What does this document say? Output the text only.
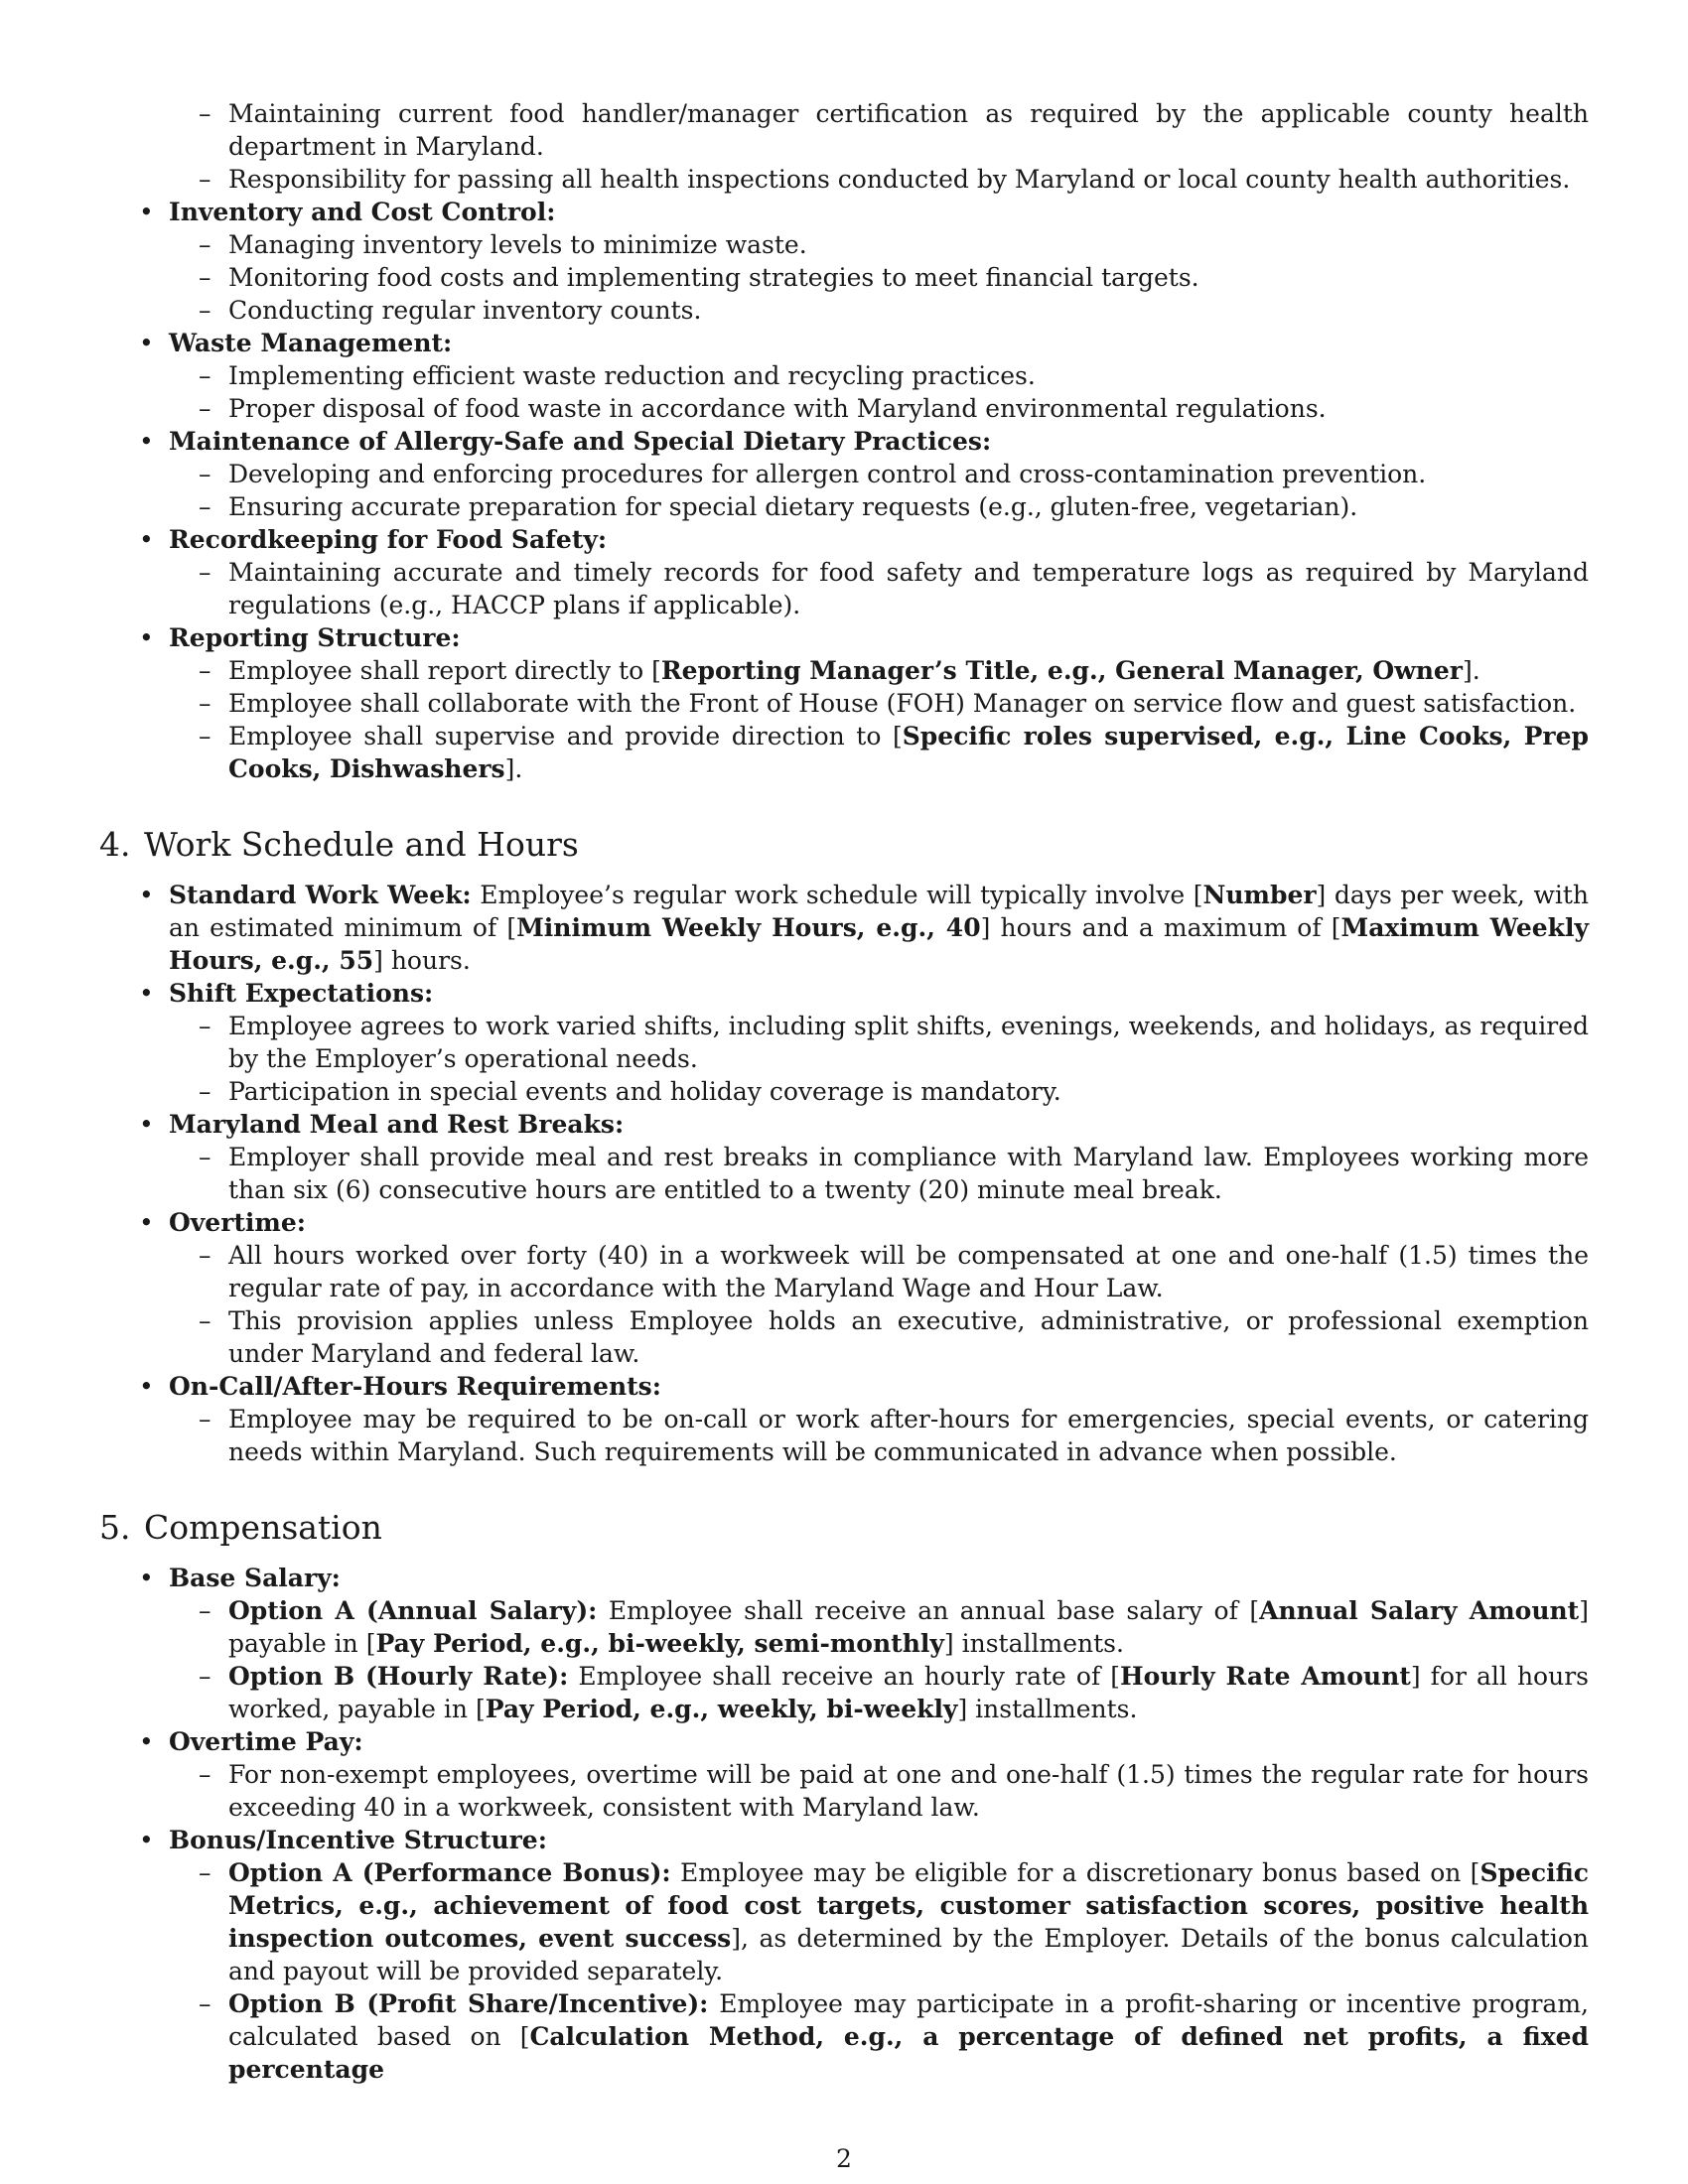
– Maintaining current food handler/manager certification as required by the applicable county health department in Maryland.
– Responsibility for passing all health inspections conducted by Maryland or local county health authorities.
• Inventory and Cost Control:
– Managing inventory levels to minimize waste.
– Monitoring food costs and implementing strategies to meet financial targets.
– Conducting regular inventory counts.
• Waste Management:
– Implementing efficient waste reduction and recycling practices.
– Proper disposal of food waste in accordance with Maryland environmental regulations.
• Maintenance of Allergy-Safe and Special Dietary Practices:
– Developing and enforcing procedures for allergen control and cross-contamination prevention.
– Ensuring accurate preparation for special dietary requests (e.g., gluten-free, vegetarian).
• Recordkeeping for Food Safety:
– Maintaining accurate and timely records for food safety and temperature logs as required by Maryland regulations (e.g., HACCP plans if applicable).
• Reporting Structure:
– Employee shall report directly to [Reporting Manager’s Title, e.g., General Manager, Owner].
– Employee shall collaborate with the Front of House (FOH) Manager on service flow and guest satisfaction.
– Employee shall supervise and provide direction to [Specific roles supervised, e.g., Line Cooks, Prep Cooks, Dishwashers].
4. Work Schedule and Hours
• Standard Work Week: Employee’s regular work schedule will typically involve [Number] days per week, with an estimated minimum of [Minimum Weekly Hours, e.g., 40] hours and a maximum of [Maximum Weekly Hours, e.g., 55] hours.
• Shift Expectations:
– Employee agrees to work varied shifts, including split shifts, evenings, weekends, and holidays, as required by the Employer’s operational needs.
– Participation in special events and holiday coverage is mandatory.
• Maryland Meal and Rest Breaks:
– Employer shall provide meal and rest breaks in compliance with Maryland law. Employees working more than six (6) consecutive hours are entitled to a twenty (20) minute meal break.
• Overtime:
– All hours worked over forty (40) in a workweek will be compensated at one and one-half (1.5) times the regular rate of pay, in accordance with the Maryland Wage and Hour Law.
– This provision applies unless Employee holds an executive, administrative, or professional exemption under Maryland and federal law.
• On-Call/After-Hours Requirements:
– Employee may be required to be on-call or work after-hours for emergencies, special events, or catering needs within Maryland. Such requirements will be communicated in advance when possible.
5. Compensation
• Base Salary:
– Option A (Annual Salary): Employee shall receive an annual base salary of [Annual Salary Amount] payable in [Pay Period, e.g., bi-weekly, semi-monthly] installments.
– Option B (Hourly Rate): Employee shall receive an hourly rate of [Hourly Rate Amount] for all hours worked, payable in [Pay Period, e.g., weekly, bi-weekly] installments.
• Overtime Pay:
– For non-exempt employees, overtime will be paid at one and one-half (1.5) times the regular rate for hours exceeding 40 in a workweek, consistent with Maryland law.
• Bonus/Incentive Structure:
– Option A (Performance Bonus): Employee may be eligible for a discretionary bonus based on [Specific Metrics, e.g., achievement of food cost targets, customer satisfaction scores, positive health inspection outcomes, event success], as determined by the Employer. Details of the bonus calculation and payout will be provided separately.
– Option B (Profit Share/Incentive): Employee may participate in a profit-sharing or incentive program, calculated based on [Calculation Method, e.g., a percentage of defined net profits, a fixed percentage
2
